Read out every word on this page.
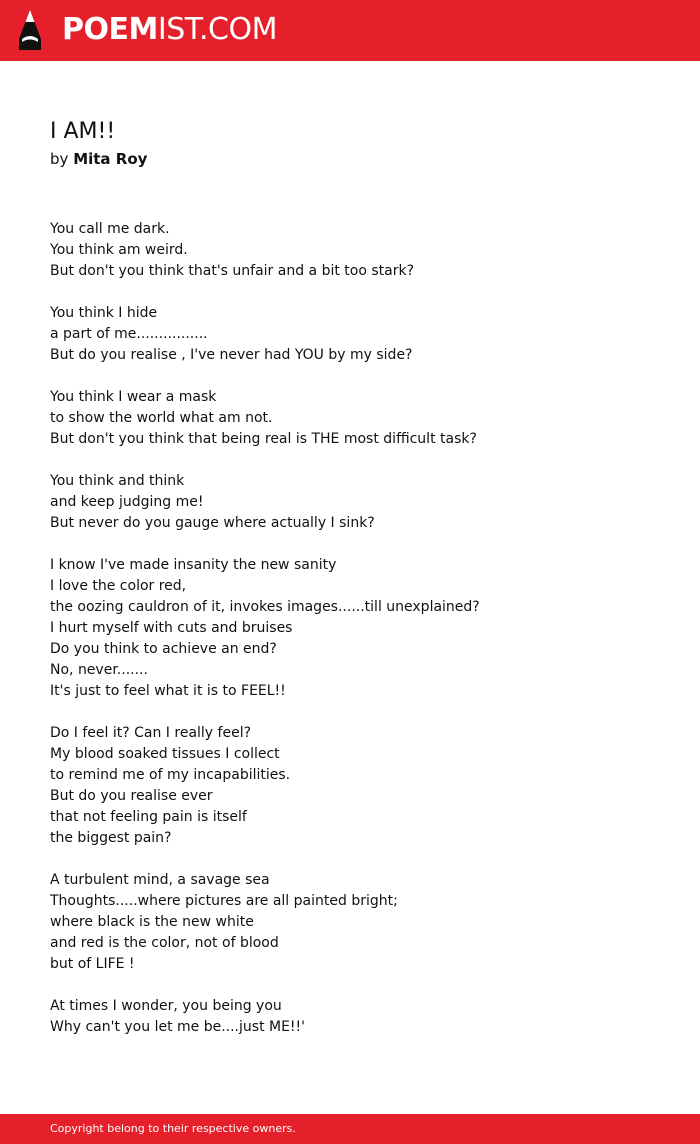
POEMIST.COM
I AM!!
by Mita Roy
You call me dark.
You think am weird.
But don't you think that's unfair and a bit too stark?
You think I hide
a part of me................
But do you realise , I've never had YOU by my side?
You think I wear a mask
to show the world what am not.
But don't you think that being real is THE most difficult task?
You think and think
and keep judging me!
But never do you gauge where actually I sink?
I know I've made insanity the new sanity
I love the color red,
the oozing cauldron of it, invokes images......till unexplained?
I hurt myself with cuts and bruises
Do you think to achieve an end?
No, never.......
It's just to feel what it is to FEEL!!
Do I feel it? Can I really feel?
My blood soaked tissues I collect
to remind me of my incapabilities.
But do you realise ever
that not feeling pain is itself
the biggest pain?
A turbulent mind, a savage sea
Thoughts.....where pictures are all painted bright;
where black is the new white
and red is the color, not of blood
but of LIFE !
At times I wonder, you being you
Why can't you let me be....just ME!!'
Copyright belong to their respective owners.
